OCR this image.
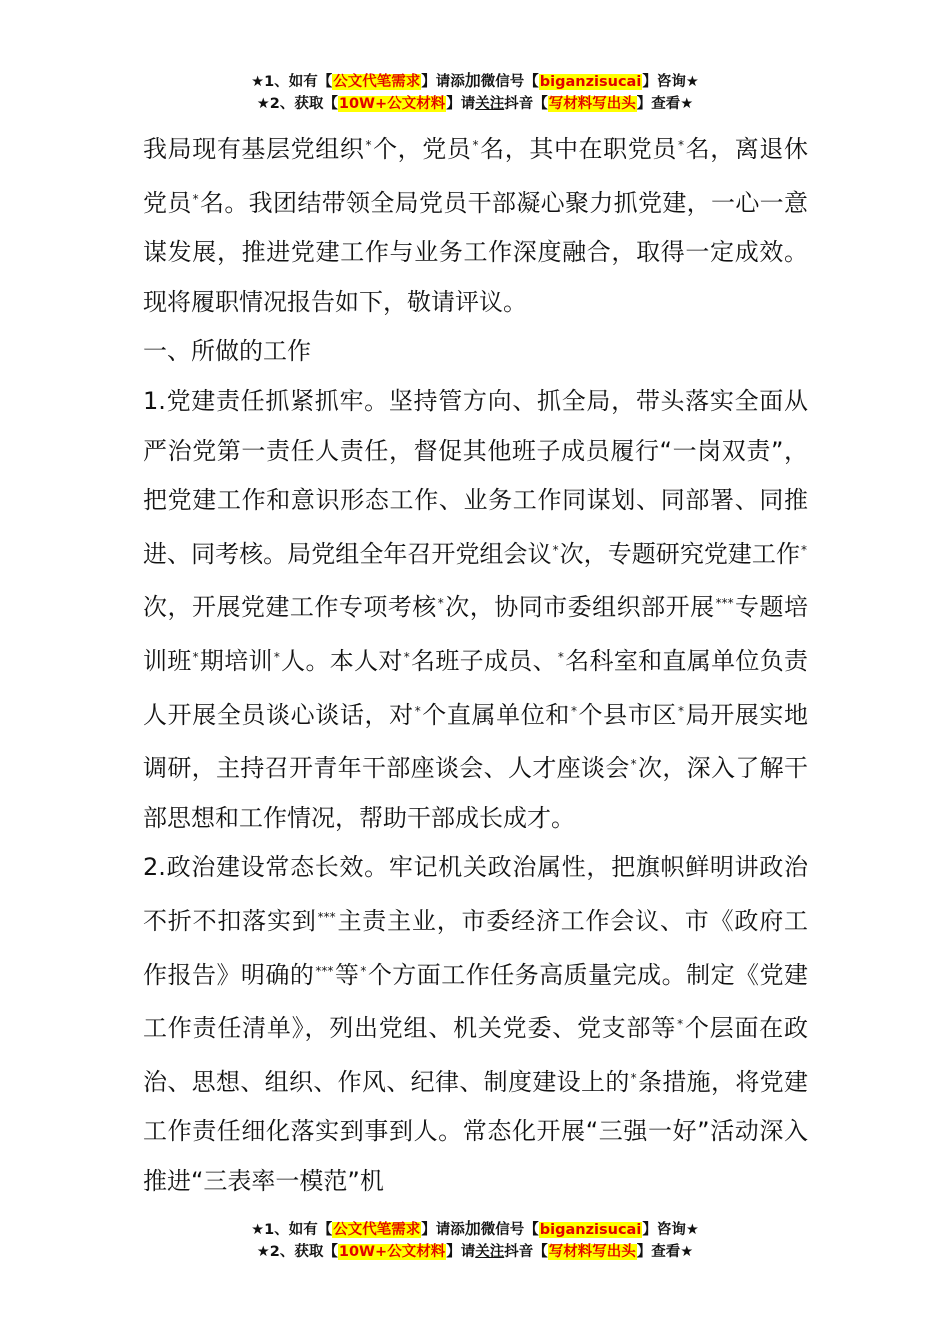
★1、如有【公文代笔需求】请添加微信号【biganzisucai】咨询★
★2、获取【10W+公文材料】请关注抖音【写材料写出头】查看★

我局现有基层党组织*个，党员*名，其中在职党员*名，离退休党员*名。我团结带领全局党员干部凝心聚力抓党建，一心一意谋发展，推进党建工作与业务工作深度融合，取得一定成效。现将履职情况报告如下，敬请评议。

一、所做的工作

1.党建责任抓紧抓牢。坚持管方向、抓全局，带头落实全面从严治党第一责任人责任，督促其他班子成员履行“一岗双责”，把党建工作和意识形态工作、业务工作同谋划、同部署、同推进、同考核。局党组全年召开党组会议*次，专题研究党建工作*次，开展党建工作专项考核*次，协同市委组织部开展***专题培训班*期培训*人。本人对*名班子成员、*名科室和直属单位负责人开展全员谈心谈话，对*个直属单位和*个县市区*局开展实地调研，主持召开青年干部座谈会、人才座谈会*次，深入了解干部思想和工作情况，帮助干部成长成才。

2.政治建设常态长效。牢记机关政治属性，把旗帜鲜明讲政治不折不扣落实到***主责主业，市委经济工作会议、市《政府工作报告》明确的***等*个方面工作任务高质量完成。制定《党建工作责任清单》，列出党组、机关党委、党支部等*个层面在政治、思想、组织、作风、纪律、制度建设上的*条措施，将党建工作责任细化落实到事到人。常态化开展“三强一好”活动深入推进“三表率一模范”机

★1、如有【公文代笔需求】请添加微信号【biganzisucai】咨询★
★2、获取【10W+公文材料】请关注抖音【写材料写出头】查看★
